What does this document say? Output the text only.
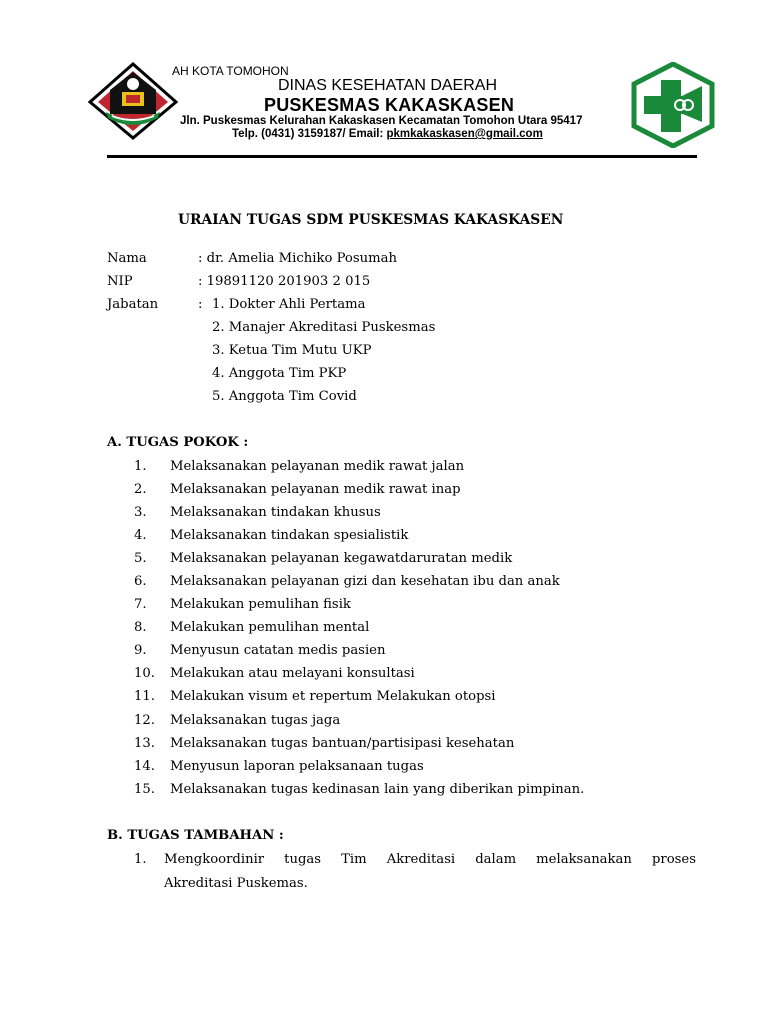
AH KOTA TOMOHON
DINAS KESEHATAN DAERAH
PUSKESMAS KAKASKASEN
Jln. Puskesmas Kelurahan Kakaskasen Kecamatan Tomohon Utara 95417
Telp. (0431) 3159187/ Email: pkmkakaskasen@gmail.com
URAIAN TUGAS SDM PUSKESMAS KAKASKASEN
Nama	: dr. Amelia Michiko Posumah
NIP	: 19891120 201903 2 015
Jabatan	: 1. Dokter Ahli Pertama
2. Manajer Akreditasi Puskesmas
3. Ketua Tim Mutu UKP
4. Anggota Tim PKP
5. Anggota Tim Covid
A. TUGAS POKOK :
1.	Melaksanakan pelayanan medik rawat jalan
2.	Melaksanakan pelayanan medik rawat inap
3.	Melaksanakan tindakan khusus
4.	Melaksanakan tindakan spesialistik
5.	Melaksanakan pelayanan kegawatdaruratan medik
6.	Melaksanakan pelayanan gizi dan kesehatan ibu dan anak
7.	Melakukan pemulihan fisik
8.	Melakukan pemulihan mental
9.	Menyusun catatan medis pasien
10.	Melakukan atau melayani konsultasi
11.	Melakukan visum et repertum Melakukan otopsi
12.	Melaksanakan tugas jaga
13.	Melaksanakan tugas bantuan/partisipasi kesehatan
14.	Menyusun laporan pelaksanaan tugas
15.	Melaksanakan tugas kedinasan lain yang diberikan pimpinan.
B. TUGAS TAMBAHAN :
1.	Mengkoordinir tugas Tim Akreditasi dalam melaksanakan proses
Akreditasi Puskemas.
